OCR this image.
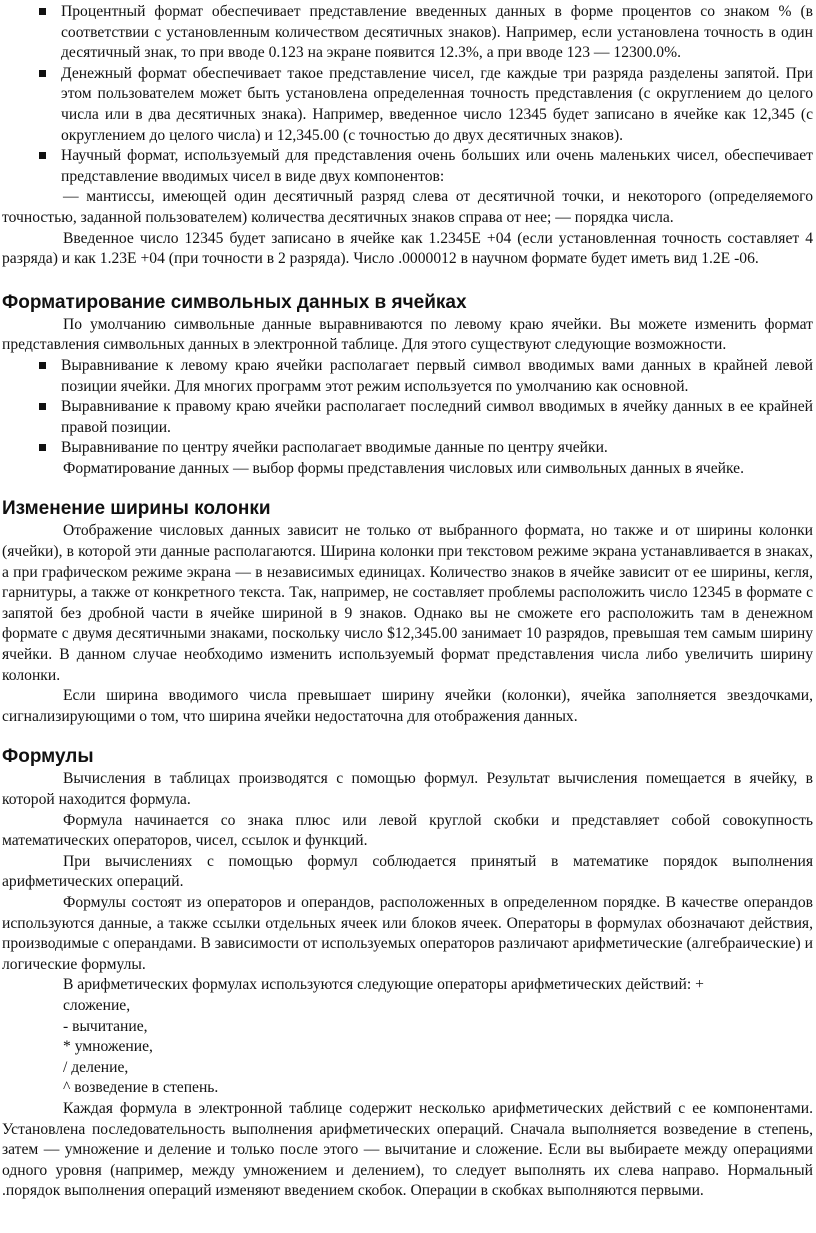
Процентный формат обеспечивает представление введенных данных в форме процентов со знаком % (в соответствии с установленным количеством десятичных знаков). Например, если установлена точность в один десятичный знак, то при вводе 0.123 на экране появится 12.3%, а при вводе 123 — 12300.0%.
Денежный формат обеспечивает такое представление чисел, где каждые три разряда разделены запятой. При этом пользователем может быть установлена определенная точность представления (с округлением до целого числа или в два десятичных знака). Например, введенное число 12345 будет записано в ячейке как 12,345 (с округлением до целого числа) и 12,345.00 (с точностью до двух десятичных знаков).
Научный формат, используемый для представления очень больших или очень маленьких чисел, обеспечивает представление вводимых чисел в виде двух компонентов:

— мантиссы, имеющей один десятичный разряд слева от десятичной точки, и некоторого (определяемого точностью, заданной пользователем) количества десятичных знаков справа от нее; — порядка числа.

Введенное число 12345 будет записано в ячейке как 1.2345Е +04 (если установленная точность составляет 4 разряда) и как 1.23Е +04 (при точности в 2 разряда). Число .0000012 в научном формате будет иметь вид 1.2Е -06.

Форматирование символьных данных в ячейках

По умолчанию символьные данные выравниваются по левому краю ячейки. Вы можете изменить формат представления символьных данных в электронной таблице. Для этого существуют следующие возможности.

Выравнивание к левому краю ячейки располагает первый символ вводимых вами данных в крайней левой позиции ячейки. Для многих программ этот режим используется по умолчанию как основной.
Выравнивание к правому краю ячейки располагает последний символ вводимых в ячейку данных в ее крайней правой позиции.
Выравнивание по центру ячейки располагает вводимые данные по центру ячейки.

Форматирование данных — выбор формы представления числовых или символьных данных в ячейке.

Изменение ширины колонки

Отображение числовых данных зависит не только от выбранного формата, но также и от ширины колонки (ячейки), в которой эти данные располагаются. Ширина колонки при текстовом режиме экрана устанавливается в знаках, а при графическом режиме экрана — в независимых единицах. Количество знаков в ячейке зависит от ее ширины, кегля, гарнитуры, а также от конкретного текста. Так, например, не составляет проблемы расположить число 12345 в формате с запятой без дробной части в ячейке шириной в 9 знаков. Однако вы не сможете его расположить там в денежном формате с двумя десятичными знаками, поскольку число $12,345.00 занимает 10 разрядов, превышая тем самым ширину ячейки. В данном случае необходимо изменить используемый формат представления числа либо увеличить ширину колонки.

Если ширина вводимого числа превышает ширину ячейки (колонки), ячейка заполняется звездочками, сигнализирующими о том, что ширина ячейки недостаточна для отображения данных.

Формулы

Вычисления в таблицах производятся с помощью формул. Результат вычисления помещается в ячейку, в которой находится формула.

Формула начинается со знака плюс или левой круглой скобки и представляет собой совокупность математических операторов, чисел, ссылок и функций.

При вычислениях с помощью формул соблюдается принятый в математике порядок выполнения арифметических операций.

Формулы состоят из операторов и операндов, расположенных в определенном порядке. В качестве операндов используются данные, а также ссылки отдельных ячеек или блоков ячеек. Операторы в формулах обозначают действия, производимые с операндами. В зависимости от используемых операторов различают арифметические (алгебраические) и логические формулы.

В арифметических формулах используются следующие операторы арифметических действий: +

сложение,

- вычитание,

* умножение,

/ деление,

^ возведение в степень.

Каждая формула в электронной таблице содержит несколько арифметических действий с ее компонентами. Установлена последовательность выполнения арифметических операций. Сначала выполняется возведение в степень, затем — умножение и деление и только после этого — вычитание и сложение. Если вы выбираете между операциями одного уровня (например, между умножением и делением), то следует выполнять их слева направо. Нормальный .порядок выполнения операций изменяют введением скобок. Операции в скобках выполняются первыми.
